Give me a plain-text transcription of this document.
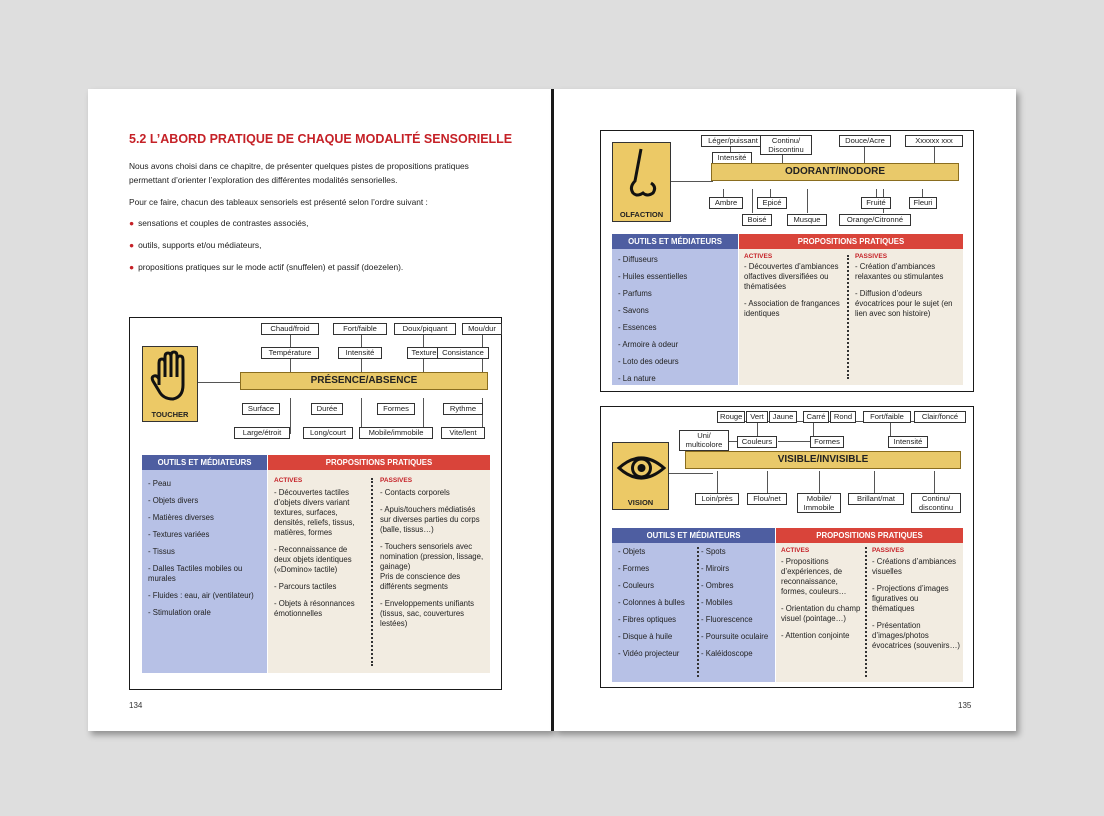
5.2 L’ABORD PRATIQUE DE CHAQUE MODALITÉ SENSORIELLE
Nous avons choisi dans ce chapitre, de présenter quelques pistes de propositions pratiques
permettant d’orienter l’exploration des différentes modalités sensorielles.
Pour ce faire, chacun des tableaux sensoriels est présenté selon l’ordre suivant :
● sensations et couples de contrastes associés,
● outils, supports et/ou médiateurs,
● propositions pratiques sur le mode actif (snuffelen) et passif (doezelen).
TOUCHER
Chaud/froid	Fort/faible	Doux/piquant	Mou/dur
Température	Intensité	Texture Consistance
PRÉSENCE/ABSENCE
Surface	Durée	Formes	Rythme
Large/étroit	Long/court	Mobile/immobile	Vite/lent
OUTILS ET MÉDIATEURS	PROPOSITIONS PRATIQUES
- Peau
- Objets divers
- Matières diverses
- Textures variées
- Tissus
- Dalles Tactiles mobiles ou murales
- Fluides : eau, air (ventilateur)
- Stimulation orale
ACTIVES
- Découvertes tactiles d’objets divers variant textures, surfaces, densités, reliefs, tissus, matières, formes
- Reconnaissance de deux objets identiques («Domino» tactile)
- Parcours tactiles
- Objets à résonnances émotionnelles
PASSIVES
- Contacts corporels
- Apuis/touchers médiatisés sur diverses parties du corps (balle, tissus…)
- Touchers sensoriels avec nomination (pression, lissage, gainage)
Pris de conscience des différents segments
- Enveloppements unifiants (tissus, sac, couvertures lestées)
134
OLFACTION
Léger/puissant	Continu/ Discontinu
Douce/Acre	Xxxxxx xxx
Intensité
ODORANT/INODORE
Ambre
Boisé
Epicé
Musque
Fruité
Orange/Citronné
Fleuri
OUTILS ET MÉDIATEURS	PROPOSITIONS PRATIQUES
- Diffuseurs
- Huiles essentielles
- Parfums
- Savons
- Essences
- Armoire à odeur
- Loto des odeurs
- La nature
ACTIVES
- Découvertes d’ambiances olfactives diversifiées ou thématisées
- Association de frangances identiques
PASSIVES
- Création d’ambiances relaxantes ou stimulantes
- Diffusion d’odeurs évocatrices pour le sujet (en lien avec son histoire)
VISION
Rouge	Vert	Jaune	Carré	Rond	Fort/faible	Clair/foncé
Uni/ multicolore	Couleurs	Formes	Intensité
VISIBLE/INVISIBLE
Loin/près	Flou/net	Mobile/ Immobile
Brillant/mat	Continu/ discontinu
OUTILS ET MÉDIATEURS	PROPOSITIONS PRATIQUES
- Objets
- Formes
- Couleurs
- Colonnes à bulles
- Fibres optiques
- Disque à huile
- Vidéo projecteur
- Spots
- Miroirs
- Ombres
- Mobiles
- Fluorescence
- Poursuite oculaire
- Kaléidoscope
ACTIVES
- Propositions d’expériences, de reconnaissance, formes, couleurs…
- Orientation du champ visuel (pointage…)
- Attention conjointe
PASSIVES
- Créations d’ambiances visuelles
- Projections d’images figuratives ou thématiques
- Présentation d’images/photos évocatrices (souvenirs…)
135
